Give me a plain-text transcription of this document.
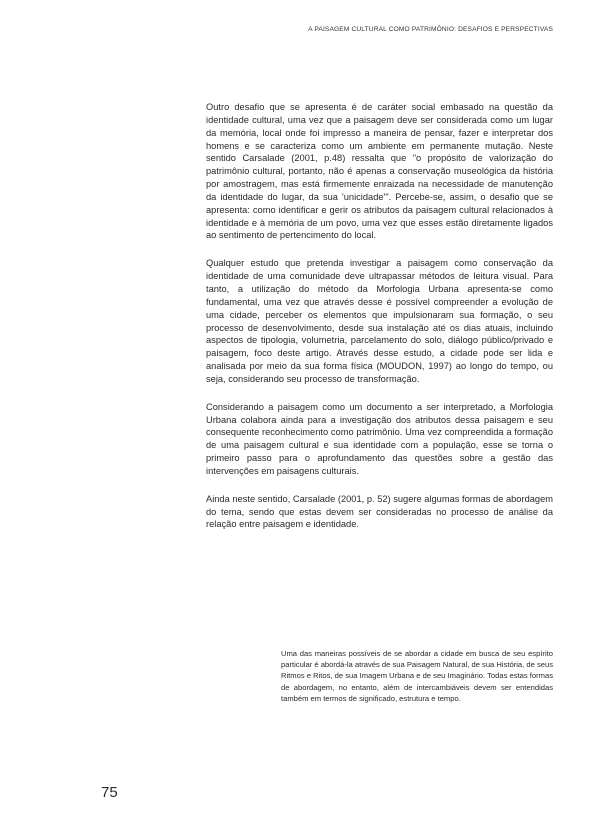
A PAISAGEM CULTURAL COMO PATRIMÔNIO: DESAFIOS E PERSPECTIVAS

Outro desafio que se apresenta é de caráter social embasado na questão da identidade cultural, uma vez que a paisagem deve ser considerada como um lugar da memória, local onde foi impresso a maneira de pensar, fazer e interpretar dos homens e se caracteriza como um ambiente em permanente mutação. Neste sentido Carsalade (2001, p.48) ressalta que "o propósito de valorização do patrimônio cultural, portanto, não é apenas a conservação museológica da história por amostragem, mas está firmemente enraizada na necessidade de manutenção da identidade do lugar, da sua 'unicidade'". Percebe-se, assim, o desafio que se apresenta: como identificar e gerir os atributos da paisagem cultural relacionados à identidade e à memória de um povo, uma vez que esses estão diretamente ligados ao sentimento de pertencimento do local.

Qualquer estudo que pretenda investigar a paisagem como conservação da identidade de uma comunidade deve ultrapassar métodos de leitura visual. Para tanto, a utilização do método da Morfologia Urbana apresenta-se como fundamental, uma vez que através desse é possível compreender a evolução de uma cidade, perceber os elementos que impulsionaram sua formação, o seu processo de desenvolvimento, desde sua instalação até os dias atuais, incluindo aspectos de tipologia, volumetria, parcelamento do solo, diálogo público/privado e paisagem, foco deste artigo. Através desse estudo, a cidade pode ser lida e analisada por meio da sua forma física (MOUDON, 1997) ao longo do tempo, ou seja, considerando seu processo de transformação.

Considerando a paisagem como um documento a ser interpretado, a Morfologia Urbana colabora ainda para a investigação dos atributos dessa paisagem e seu consequente reconhecimento como patrimônio. Uma vez compreendida a formação de uma paisagem cultural e sua identidade com a população, esse se torna o primeiro passo para o aprofundamento das questões sobre a gestão das intervenções em paisagens culturais.

Ainda neste sentido, Carsalade (2001, p. 52) sugere algumas formas de abordagem do tema, sendo que estas devem ser consideradas no processo de análise da relação entre paisagem e identidade.

Uma das maneiras possíveis de se abordar a cidade em busca de seu espírito particular é abordá-la através de sua Paisagem Natural, de sua História, de seus Ritmos e Ritos, de sua Imagem Urbana e de seu Imaginário. Todas estas formas de abordagem, no entanto, além de intercambiáveis devem ser entendidas também em termos de significado, estrutura e tempo.
75
